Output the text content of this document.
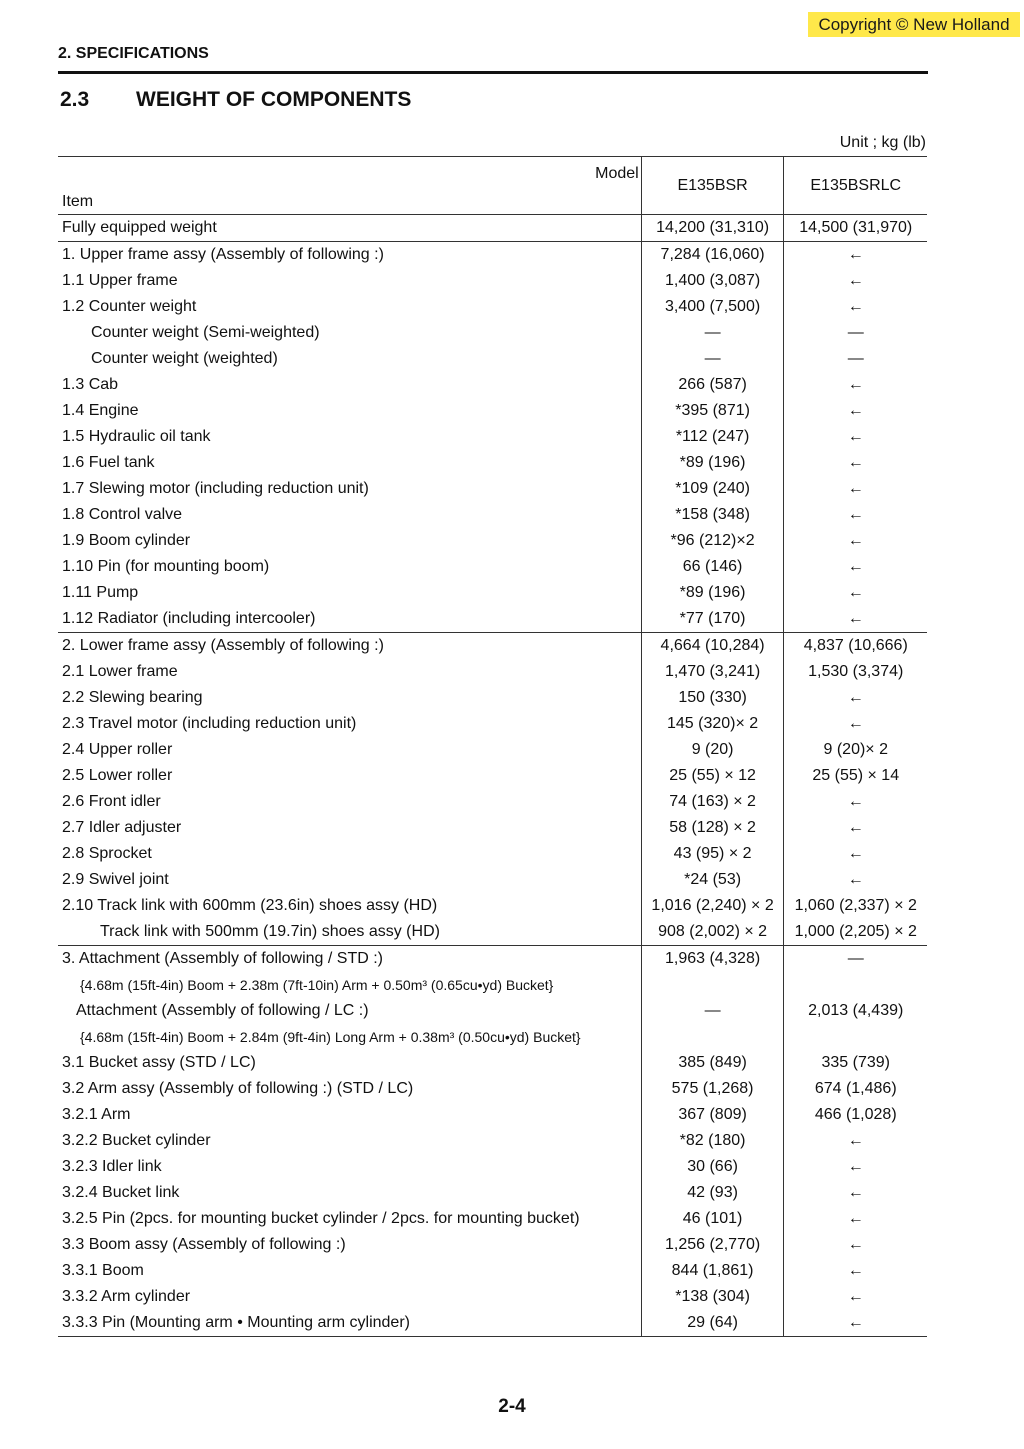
Copyright © New Holland
2. SPECIFICATIONS
2.3 WEIGHT OF COMPONENTS
Unit ; kg (lb)
Model
Item	E135BSR	E135BSRLC
Fully equipped weight	14,200 (31,310)	14,500 (31,970)
1. Upper frame assy (Assembly of following :)	7,284 (16,060)	←
1.1 Upper frame	1,400 (3,087)	←
1.2 Counter weight	3,400 (7,500)	←
Counter weight (Semi-weighted)	—	—
Counter weight (weighted)	—	—
1.3 Cab	266 (587)	←
1.4 Engine	*395 (871)	←
1.5 Hydraulic oil tank	*112 (247)	←
1.6 Fuel tank	*89 (196)	←
1.7 Slewing motor (including reduction unit)	*109 (240)	←
1.8 Control valve	*158 (348)	←
1.9 Boom cylinder	*96 (212)×2	←
1.10 Pin (for mounting boom)	66 (146)	←
1.11 Pump	*89 (196)	←
1.12 Radiator (including intercooler)	*77 (170)	←
2. Lower frame assy (Assembly of following :)	4,664 (10,284)	4,837 (10,666)
2.1 Lower frame	1,470 (3,241)	1,530 (3,374)
2.2 Slewing bearing	150 (330)	←
2.3 Travel motor (including reduction unit)	145 (320)× 2	←
2.4 Upper roller	9 (20)	9 (20)× 2
2.5 Lower roller	25 (55) × 12	25 (55) × 14
2.6 Front idler	74 (163) × 2	←
2.7 Idler adjuster	58 (128) × 2	←
2.8 Sprocket	43 (95) × 2	←
2.9 Swivel joint	*24 (53)	←
2.10 Track link with 600mm (23.6in) shoes assy (HD)	1,016 (2,240) × 2	1,060 (2,337) × 2
Track link with 500mm (19.7in) shoes assy (HD)	908 (2,002) × 2	1,000 (2,205) × 2
3. Attachment (Assembly of following / STD :)	1,963 (4,328)	—
{4.68m (15ft-4in) Boom + 2.38m (7ft-10in) Arm + 0.50m³ (0.65cu•yd) Bucket}		
Attachment (Assembly of following / LC :)	—	2,013 (4,439)
{4.68m (15ft-4in) Boom + 2.84m (9ft-4in) Long Arm + 0.38m³ (0.50cu•yd) Bucket}		
3.1 Bucket assy (STD / LC)	385 (849)	335 (739)
3.2 Arm assy (Assembly of following :) (STD / LC)	575 (1,268)	674 (1,486)
3.2.1 Arm	367 (809)	466 (1,028)
3.2.2 Bucket cylinder	*82 (180)	←
3.2.3 Idler link	30 (66)	←
3.2.4 Bucket link	42 (93)	←
3.2.5 Pin (2pcs. for mounting bucket cylinder / 2pcs. for mounting bucket)	46 (101)	←
3.3 Boom assy (Assembly of following :)	1,256 (2,770)	←
3.3.1 Boom	844 (1,861)	←
3.3.2 Arm cylinder	*138 (304)	←
3.3.3 Pin (Mounting arm • Mounting arm cylinder)	29 (64)	←
2-4
